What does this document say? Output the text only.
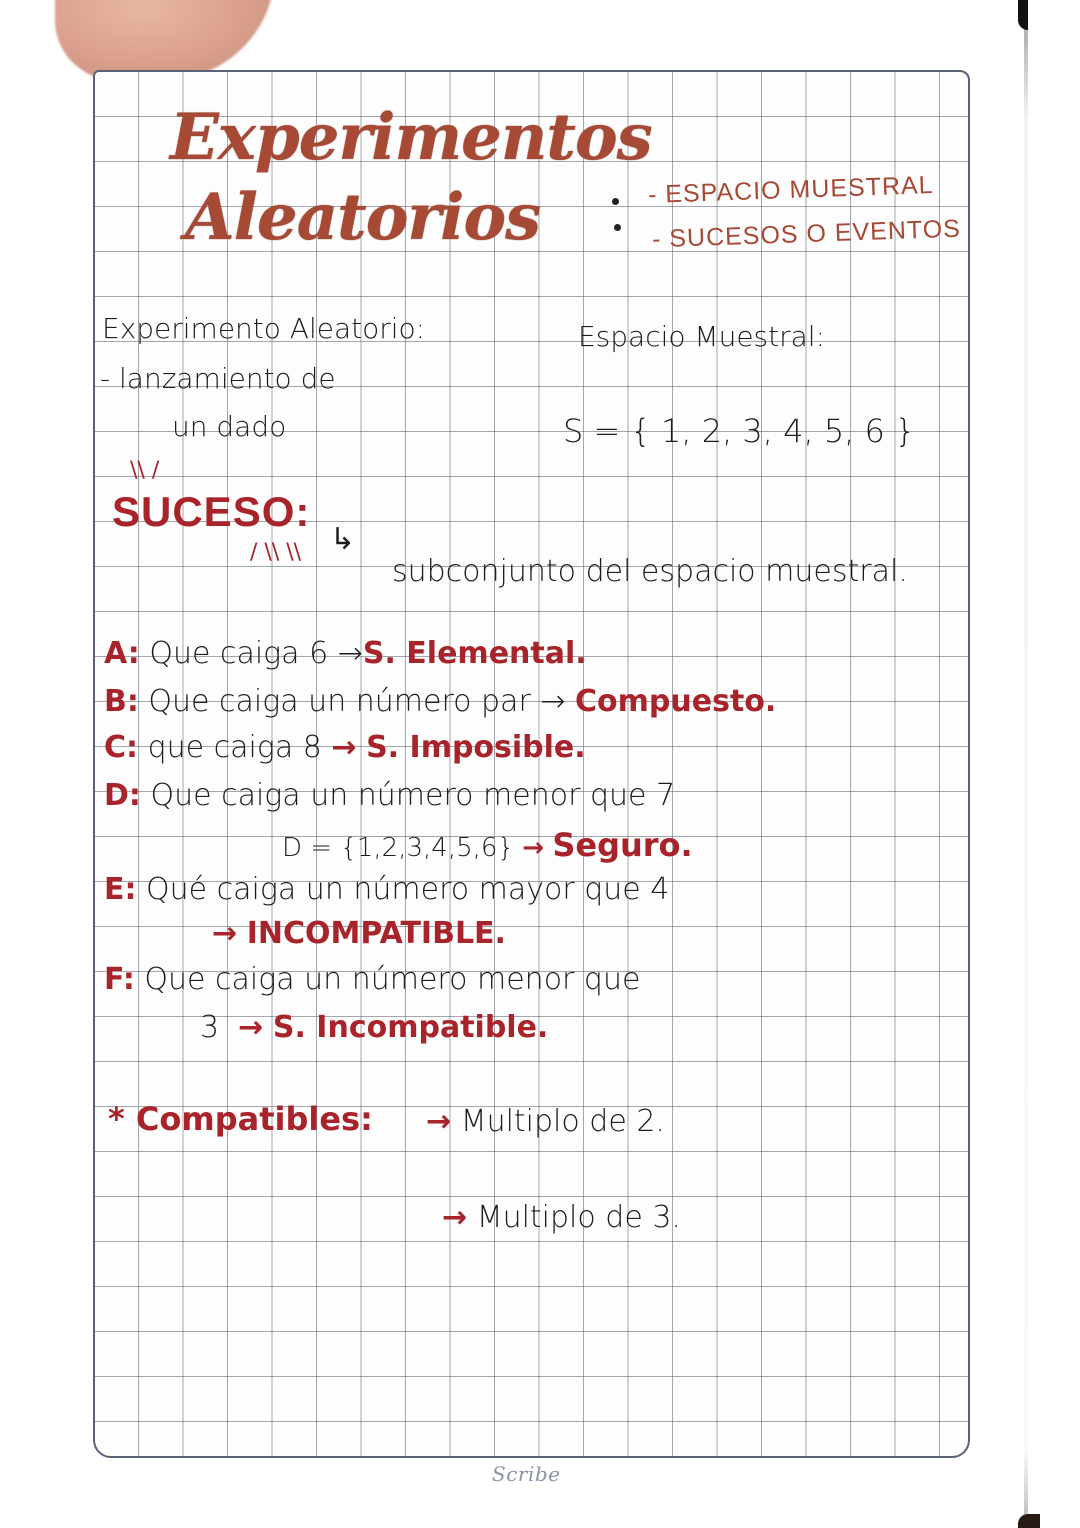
Experimentos
Aleatorios	- ESPACIO MUESTRAL
- SUCESOS O EVENTOS
Experimento Aleatorio:
- lanzamiento de
un dado
\\ /
Espacio Muestral:
S = { 1, 2, 3, 4, 5, 6 }
SUCESO:
↳
/ \\ \\
subconjunto del espacio muestral.
A: Que caiga 6 →S. Elemental.
B: Que caiga un número par → Compuesto.
C: que caiga 8 → S. Imposible.
D: Que caiga un número menor que 7
D = {1,2,3,4,5,6} → Seguro.
E: Qué caiga un número mayor que 4
→ INCOMPATIBLE.
F: Que caiga un número menor que
3 → S. Incompatible.
* Compatibles: → Multiplo de 2.
→ Multiplo de 3.
Scribe
